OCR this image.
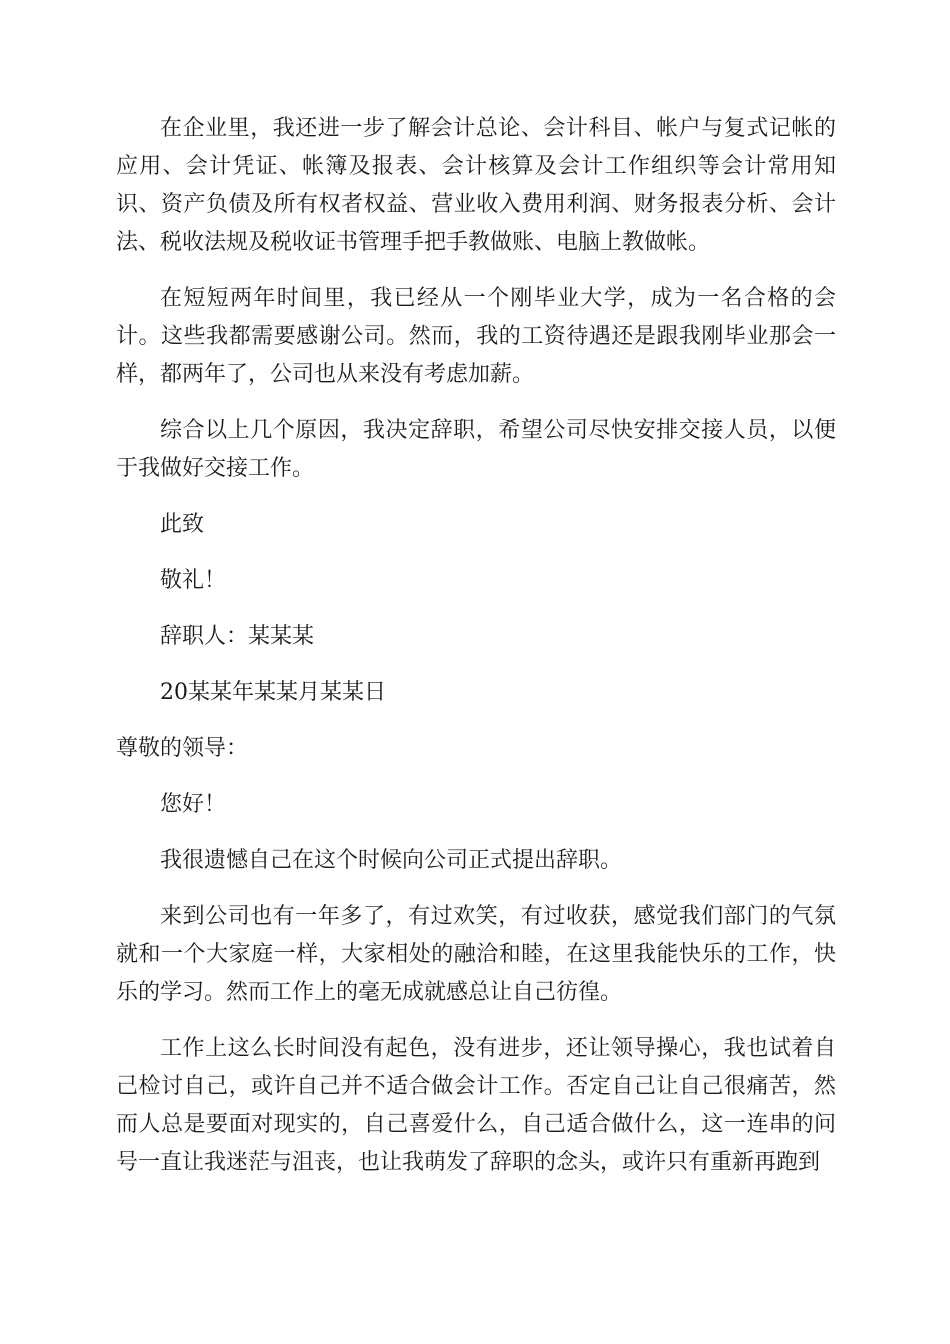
在企业里，我还进一步了解会计总论、会计科目、帐户与复式记帐的应用、会计凭证、帐簿及报表、会计核算及会计工作组织等会计常用知识、资产负债及所有权者权益、营业收入费用利润、财务报表分析、会计法、税收法规及税收证书管理手把手教做账、电脑上教做帐。

在短短两年时间里，我已经从一个刚毕业大学，成为一名合格的会计。这些我都需要感谢公司。然而，我的工资待遇还是跟我刚毕业那会一样，都两年了，公司也从来没有考虑加薪。

综合以上几个原因，我决定辞职，希望公司尽快安排交接人员，以便于我做好交接工作。

此致

敬礼！

辞职人：某某某

20某某年某某月某某日

尊敬的领导：

您好！

我很遗憾自己在这个时候向公司正式提出辞职。

来到公司也有一年多了，有过欢笑，有过收获，感觉我们部门的气氛就和一个大家庭一样，大家相处的融洽和睦，在这里我能快乐的工作，快乐的学习。然而工作上的毫无成就感总让自己彷徨。

工作上这么长时间没有起色，没有进步，还让领导操心，我也试着自己检讨自己，或许自己并不适合做会计工作。否定自己让自己很痛苦，然而人总是要面对现实的，自己喜爱什么，自己适合做什么，这一连串的问号一直让我迷茫与沮丧，也让我萌发了辞职的念头，或许只有重新再跑到
